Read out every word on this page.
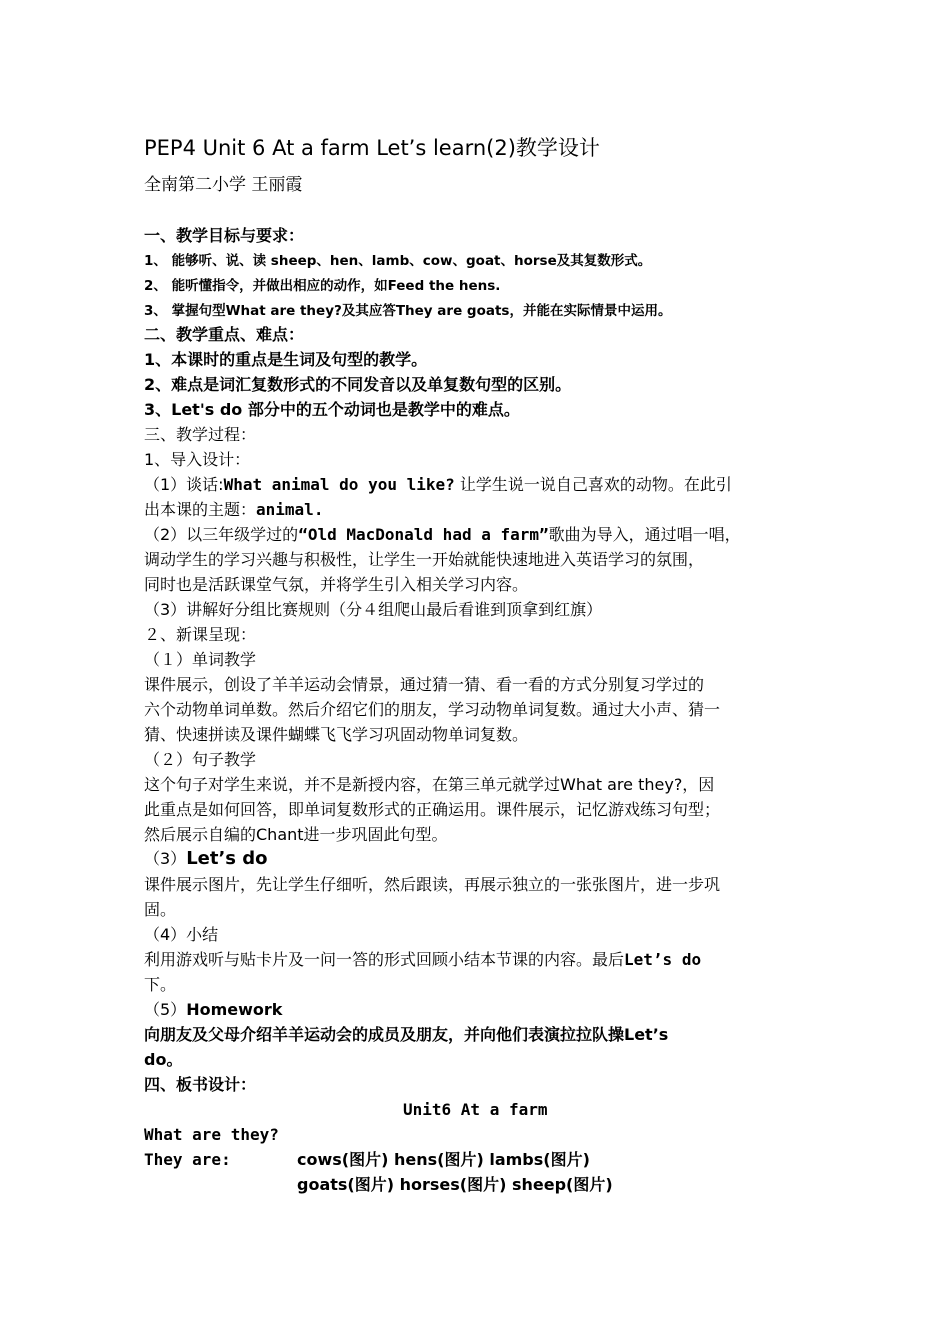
PEP4 Unit 6 At a farm Let’s learn(2)教学设计
全南第二小学 王丽霞
一、教学目标与要求：
1、 能够听、说、读 sheep、hen、lamb、cow、goat、horse及其复数形式。
2、 能听懂指令，并做出相应的动作，如Feed the hens.
3、 掌握句型What are they?及其应答They are goats，并能在实际情景中运用。
二、教学重点、难点：
1、本课时的重点是生词及句型的教学。
2、难点是词汇复数形式的不同发音以及单复数句型的区别。
3、Let's do 部分中的五个动词也是教学中的难点。
三、教学过程：
1、导入设计：
（1）谈话:What animal do you like? 让学生说一说自己喜欢的动物。在此引
出本课的主题：animal.
（2）以三年级学过的“Old MacDonald had a farm”歌曲为导入，通过唱一唱，
调动学生的学习兴趣与积极性，让学生一开始就能快速地进入英语学习的氛围，
同时也是活跃课堂气氛，并将学生引入相关学习内容。
（3）讲解好分组比赛规则（分４组爬山最后看谁到顶拿到红旗）
２、新课呈现：
（１）单词教学
课件展示，创设了羊羊运动会情景，通过猜一猜、看一看的方式分别复习学过的
六个动物单词单数。然后介绍它们的朋友，学习动物单词复数。通过大小声、猜一
猜、快速拼读及课件蝴蝶飞飞学习巩固动物单词复数。
（２）句子教学
这个句子对学生来说，并不是新授内容，在第三单元就学过What are they?，因
此重点是如何回答，即单词复数形式的正确运用。课件展示，记忆游戏练习句型；
然后展示自编的Chant进一步巩固此句型。
（3）Let’s do
课件展示图片，先让学生仔细听，然后跟读，再展示独立的一张张图片，进一步巩
固。
（4）小结
利用游戏听与贴卡片及一问一答的形式回顾小结本节课的内容。最后Let’s do
下。
（5）Homework
向朋友及父母介绍羊羊运动会的成员及朋友，并向他们表演拉拉队操Let’s
do。
四、板书设计：
Unit6 At a farm
What are they?
They are:	cows(图片) hens(图片) lambs(图片)
goats(图片) horses(图片) sheep(图片)
